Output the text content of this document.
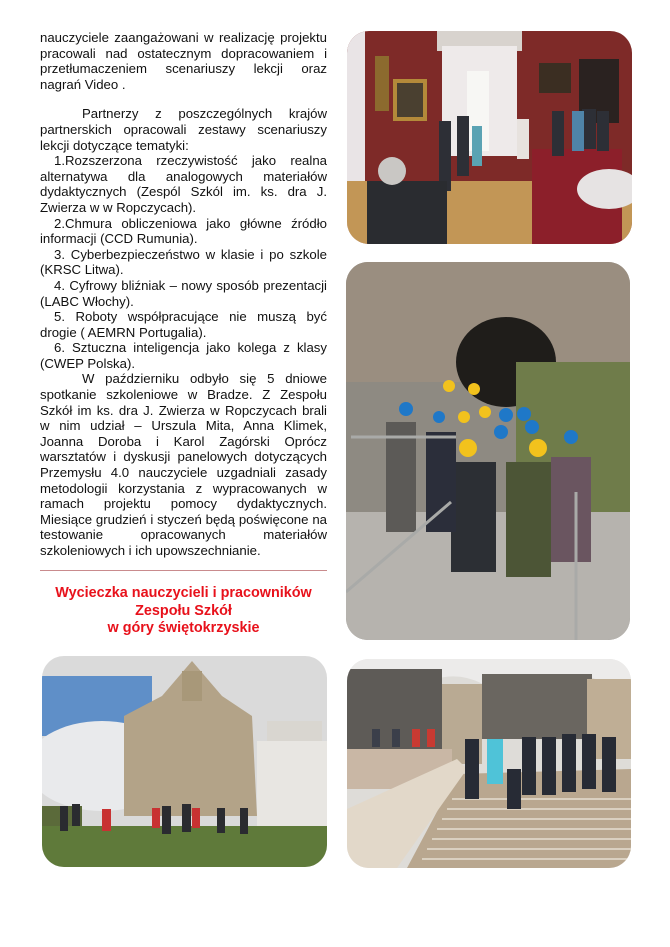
nauczyciele zaangażowani w realizację projektu pracowali nad ostatecznym dopracowaniem i przetłumaczeniem scenariuszy lekcji oraz nagrań Video .

Partnerzy z poszczególnych krajów partnerskich opracowali zestawy scenariuszy lekcji dotyczące tematyki:

1.Rozszerzona rzeczywistość jako realna alternatywa dla analogowych materiałów dydaktycznych (Zespól Szkól im. ks. dra J. Zwierza w w Ropczycach).

2.Chmura obliczeniowa jako główne źródło informacji (CCD Rumunia).

3. Cyberbezpieczeństwo w klasie i po szkole (KRSC Litwa).

4. Cyfrowy bliźniak – nowy sposób prezentacji (LABC Włochy).

5. Roboty współpracujące nie muszą być drogie ( AEMRN Portugalia).

6. Sztuczna inteligencja jako kolega z klasy (CWEP Polska).

W październiku odbyło się 5 dniowe spotkanie szkoleniowe w Bradze. Z Zespołu Szkół im ks. dra J. Zwierza w Ropczycach brali w nim udział – Urszula Mita, Anna Klimek, Joanna Doroba i Karol Zagórski Oprócz warsztatów i dyskusji panelowych dotyczących Przemysłu 4.0 nauczyciele uzgadniali zasady metodologii korzystania z wypracowanych w ramach projektu pomocy dydaktycznych. Miesiące grudzień i styczeń będą poświęcone na testowanie opracowanych materiałów szkoleniowych i ich upowszechnianie.

Wycieczka nauczycieli i pracowników
Zespołu Szkół
w góry świętokrzyskie
